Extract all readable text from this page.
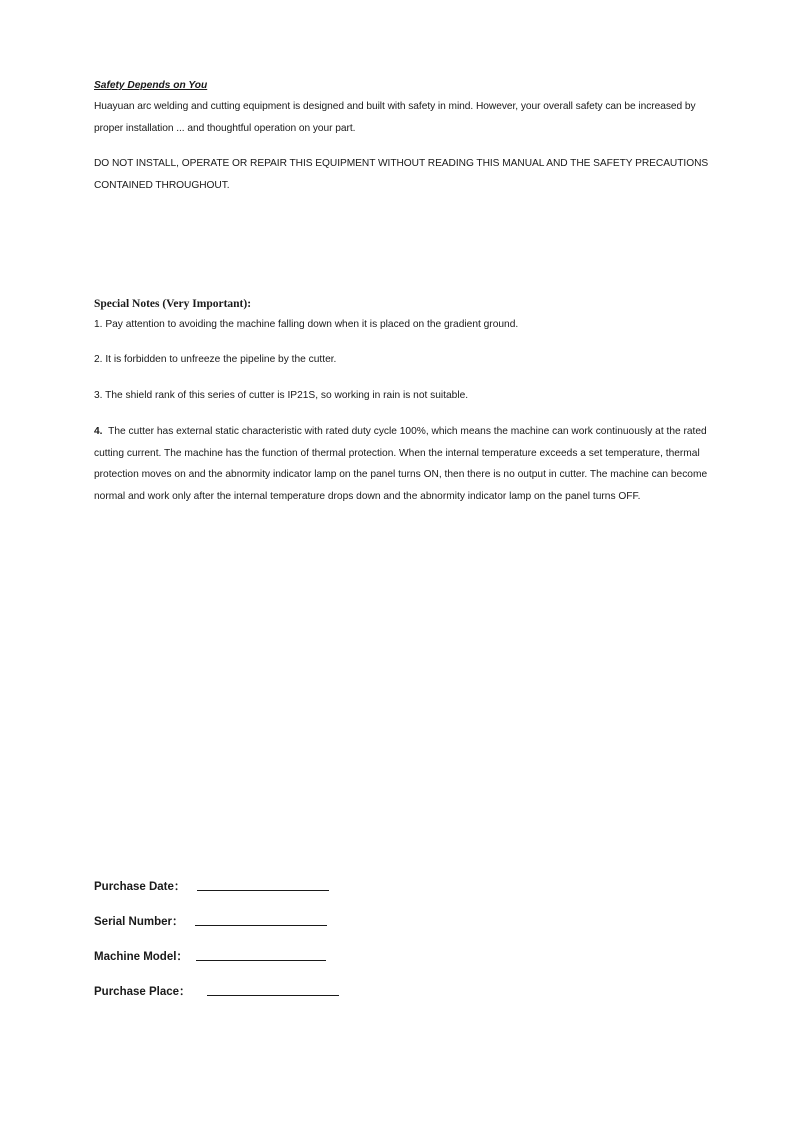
Safety Depends on You
Huayuan arc welding and cutting equipment is designed and built with safety in mind. However, your overall safety can be increased by proper installation ... and thoughtful operation on your part.
DO NOT INSTALL, OPERATE OR REPAIR THIS EQUIPMENT WITHOUT READING THIS MANUAL AND THE SAFETY PRECAUTIONS CONTAINED THROUGHOUT.
Special Notes (Very Important):
1. Pay attention to avoiding the machine falling down when it is placed on the gradient ground.
2. It is forbidden to unfreeze the pipeline by the cutter.
3. The shield rank of this series of cutter is IP21S, so working in rain is not suitable.
4. The cutter has external static characteristic with rated duty cycle 100%, which means the machine can work continuously at the rated cutting current. The machine has the function of thermal protection. When the internal temperature exceeds a set temperature, thermal protection moves on and the abnormity indicator lamp on the panel turns ON, then there is no output in cutter. The machine can become normal and work only after the internal temperature drops down and the abnormity indicator lamp on the panel turns OFF.
Purchase Date：
Serial Number：
Machine Model：
Purchase Place：
